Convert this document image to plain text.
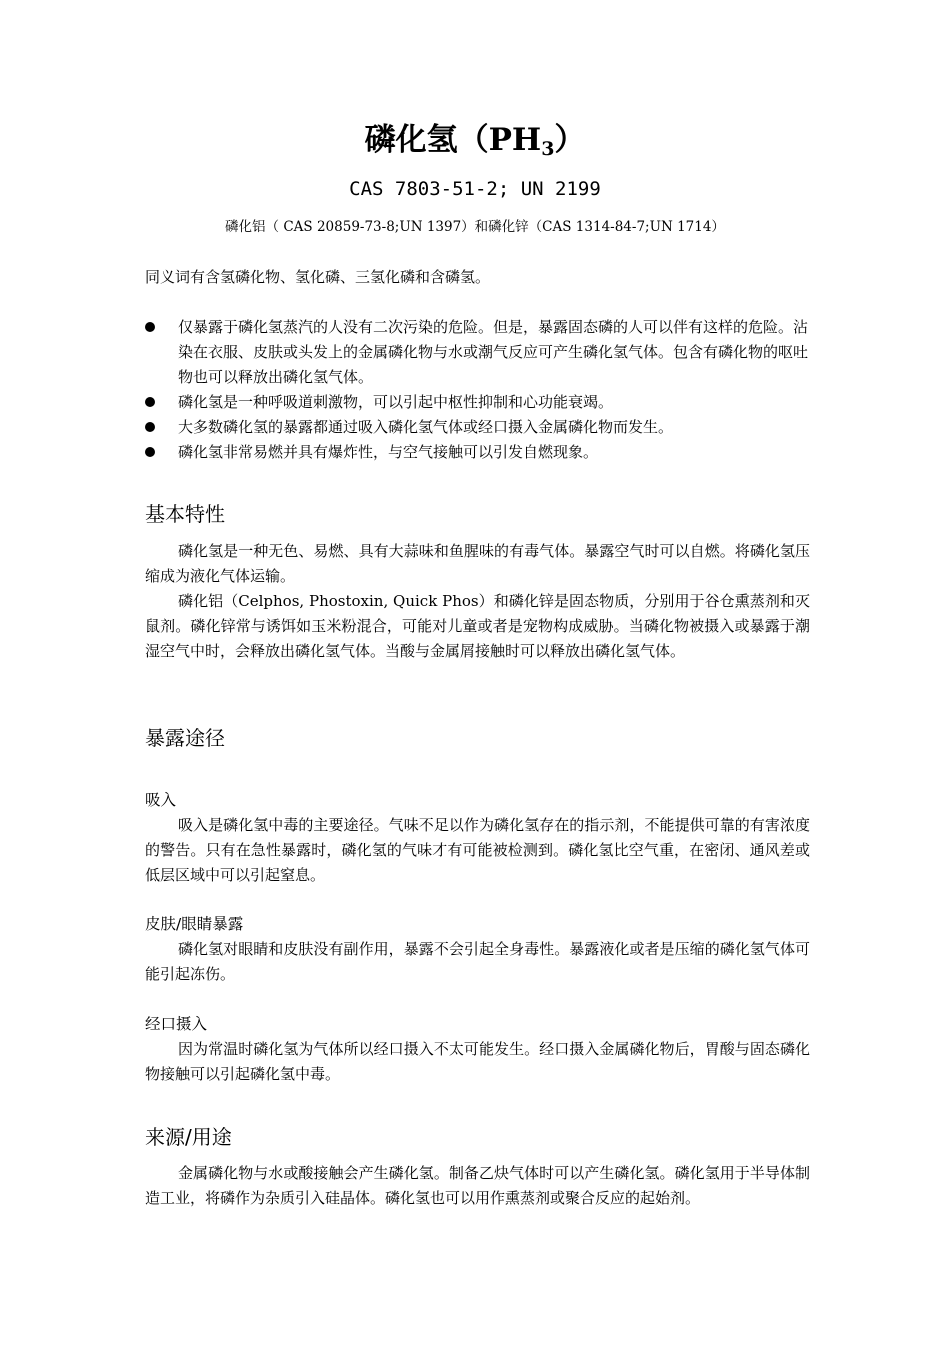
磷化氢$(PH_3)$
CAS 7803-51-2; UN 2199
磷化铝（ CAS 20859-73-8;UN 1397）和磷化锌（CAS 1314-84-7;UN 1714）
同义词有含氢磷化物、氢化磷、三氢化磷和含磷氢。
仅暴露于磷化氢蒸汽的人没有二次污染的危险。但是，暴露固态磷的人可以伴有这样的危险。沾染在衣服、皮肤或头发上的金属磷化物与水或潮气反应可产生磷化氢气体。包含有磷化物的呕吐物也可以释放出磷化氢气体。
磷化氢是一种呼吸道刺激物，可以引起中枢性抑制和心功能衰竭。
大多数磷化氢的暴露都通过吸入磷化氢气体或经口摄入金属磷化物而发生。
磷化氢非常易燃并具有爆炸性，与空气接触可以引发自燃现象。
基本特性

磷化氢是一种无色、易燃、具有大蒜味和鱼腥味的有毒气体。暴露空气时可以自燃。将磷化氢压缩成为液化气体运输。

磷化铝（Celphos, Phostoxin, Quick Phos）和磷化锌是固态物质，分别用于谷仓熏蒸剂和灭鼠剂。磷化锌常与诱饵如玉米粉混合，可能对儿童或者是宠物构成威胁。当磷化物被摄入或暴露于潮湿空气中时，会释放出磷化氢气体。当酸与金属屑接触时可以释放出磷化氢气体。

暴露途径
吸入

吸入是磷化氢中毒的主要途径。气味不足以作为磷化氢存在的指示剂，不能提供可靠的有害浓度的警告。只有在急性暴露时，磷化氢的气味才有可能被检测到。磷化氢比空气重，在密闭、通风差或低层区域中可以引起窒息。

皮肤/眼睛暴露

磷化氢对眼睛和皮肤没有副作用，暴露不会引起全身毒性。暴露液化或者是压缩的磷化氢气体可能引起冻伤。

经口摄入

因为常温时磷化氢为气体所以经口摄入不太可能发生。经口摄入金属磷化物后，胃酸与固态磷化物接触可以引起磷化氢中毒。

来源/用途

金属磷化物与水或酸接触会产生磷化氢。制备乙炔气体时可以产生磷化氢。磷化氢用于半导体制造工业，将磷作为杂质引入硅晶体。磷化氢也可以用作熏蒸剂或聚合反应的起始剂。
